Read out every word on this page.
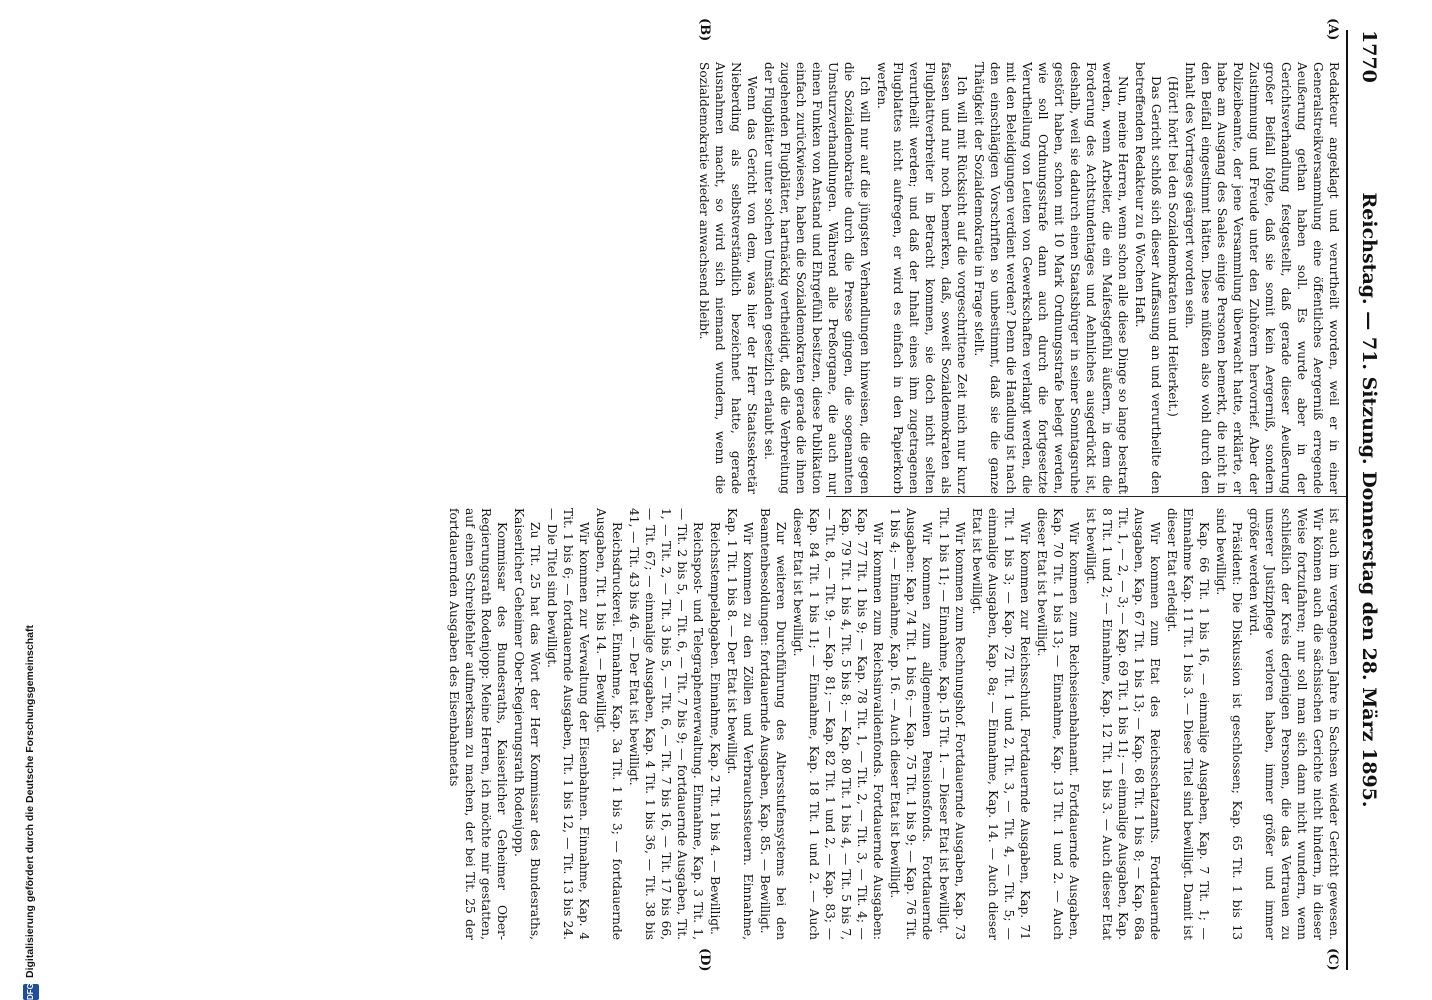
1770
Reichstag. — 71. Sitzung. Donnerstag den 28. März 1895.
(A)
(B)
(C)
(D)

Redakteur angeklagt und verurtheilt worden, weil er in einer Generalstreikversammlung eine öffentliches Aergerniß erregende Aeußerung gethan haben soll. Es wurde aber in der Gerichtsverhandlung festgestellt, daß gerade dieser Aeußerung großer Beifall folgte, daß sie somit kein Aergerniß, sondern Zustimmung und Freude unter den Zuhörern hervorrief. Aber der Polizeibeamte, der jene Versammlung überwacht hatte, erklärte, er habe am Ausgang des Saales einige Personen bemerkt, die nicht in den Beifall eingestimmt hätten. Diese müßten also wohl durch den Inhalt des Vortrages geärgert worden sein.

(Hört! hört! bei den Sozialdemokraten und Heiterkeit.)

Das Gericht schloß sich dieser Auffassung an und verurtheilte den betreffenden Redakteur zu 6 Wochen Haft.

Nun, meine Herren, wenn schon alle diese Dinge so lange bestraft werden, wenn Arbeiter, die ein Maifestgefühl äußern, in dem die Forderung des Achtstundentages und Aehnliches ausgedrückt ist, deshalb, weil sie dadurch einen Staatsbürger in seiner Sonntagsruhe gestört haben, schon mit 10 Mark Ordnungsstrafe belegt werden, wie soll Ordnungsstrafe dann auch durch die fortgesetzte Verurtheilung von Leuten von Gewerkschaften verlangt werden, die mit den Beleidigungen verdient werden? Denn die Handlung ist nach den einschlägigen Vorschriften so unbestimmt, daß sie die ganze Thätigkeit der Sozialdemokratie in Frage stellt.

Ich will mit Rücksicht auf die vorgeschrittene Zeit mich nur kurz fassen und nur noch bemerken, daß, soweit Sozialdemokraten als Flugblattverbreiter in Betracht kommen, sie doch nicht selten verurtheilt werden; und daß der Inhalt eines ihm zugetragenen Flugblattes nicht aufregen, er wird es einfach in den Papierkorb werfen.

Ich will nur auf die jüngsten Verhandlungen hinweisen, die gegen die Sozialdemokratie durch die Presse gingen, die sogenannten Umsturzverhandlungen. Während alle Preßorgane, die auch nur einen Funken von Anstand und Ehrgefühl besitzen, diese Publikation einfach zurückwiesen, haben die Sozialdemokraten gerade die ihnen zugehenden Flugblätter, hartnäckig vertheidigt, daß die Verbreitung der Flugblätter unter solchen Umständen gesetzlich erlaubt sei.

Wenn das Gericht von dem, was hier der Herr Staatssekretär Nieberding als selbstverständlich bezeichnet hatte, gerade Ausnahmen macht, so wird sich niemand wundern, wenn die Sozialdemokratie wieder anwachsend bleibt.

ist auch im vergangenen Jahre in Sachsen wieder Gericht gewesen. Wir können auch die sächsischen Gerichte nicht hindern, in dieser Weise fortzufahren; nur soll man sich dann nicht wundern, wenn schließlich der Kreis derjenigen Personen, die das Vertrauen zu unserer Justizpflege verloren haben, immer größer und immer größer werden wird.

Präsident: Die Diskussion ist geschlossen; Kap. 65 Tit. 1 bis 13 sind bewilligt.

Kap. 66 Tit. 1 bis 16, — einmalige Ausgaben, Kap. 7 Tit. 1; — Einnahme Kap. 11 Tit. 1 bis 3. — Diese Titel sind bewilligt. Damit ist dieser Etat erledigt.

Wir kommen zum Etat des Reichsschatzamts. Fortdauernde Ausgaben, Kap. 67 Tit. 1 bis 13; — Kap. 68 Tit. 1 bis 8; — Kap. 68a Tit. 1, — 2, — 3; — Kap. 69 Tit. 1 bis 11; — einmalige Ausgaben, Kap. 8 Tit. 1 und 2; — Einnahme, Kap. 12 Tit. 1 bis 3. — Auch dieser Etat ist bewilligt.

Wir kommen zum Reichseisenbahnamt. Fortdauernde Ausgaben, Kap. 70 Tit. 1 bis 13; — Einnahme, Kap. 13 Tit. 1 und 2. — Auch dieser Etat ist bewilligt.

Wir kommen zur Reichsschuld. Fortdauernde Ausgaben, Kap. 71 Tit. 1 bis 3; — Kap. 72 Tit. 1 und 2, Tit. 3, — Tit. 4, — Tit. 5; — einmalige Ausgaben, Kap. 8a; — Einnahme, Kap. 14. — Auch dieser Etat ist bewilligt.

Wir kommen zum Rechnungshof. Fortdauernde Ausgaben, Kap. 73 Tit. 1 bis 11; — Einnahme, Kap. 15 Tit. 1. — Dieser Etat ist bewilligt.

Wir kommen zum allgemeinen Pensionsfonds. Fortdauernde Ausgaben: Kap. 74 Tit. 1 bis 6; — Kap. 75 Tit. 1 bis 9; — Kap. 76 Tit. 1 bis 4; — Einnahme, Kap. 16. — Auch dieser Etat ist bewilligt.

Wir kommen zum Reichsinvalidenfonds. Fortdauernde Ausgaben: Kap. 77 Tit. 1 bis 9; — Kap. 78 Tit. 1, — Tit. 2, — Tit. 3, — Tit. 4; — Kap. 79 Tit. 1 bis 4, Tit. 5 bis 8; — Kap. 80 Tit. 1 bis 4, — Tit. 5 bis 7, — Tit. 8, — Tit. 9; — Kap. 81; — Kap. 82 Tit. 1 und 2, — Kap. 83; — Kap. 84 Tit. 1 bis 11; — Einnahme, Kap. 18 Tit. 1 und 2. — Auch dieser Etat ist bewilligt.

Zur weiteren Durchführung des Altersstufensystems bei den Beamtenbesoldungen: fortdauernde Ausgaben, Kap. 85. — Bewilligt.

Wir kommen zu den Zöllen und Verbrauchssteuern. Einnahme, Kap. 1 Tit. 1 bis 8. — Der Etat ist bewilligt.

Reichsstempelabgaben. Einnahme, Kap. 2 Tit. 1 bis 4. — Bewilligt.

Reichspost- und Telegraphenverwaltung. Einnahme, Kap. 3 Tit. 1, — Tit. 2 bis 5, — Tit. 6, — Tit. 7 bis 9; — fortdauernde Ausgaben, Tit. 1, — Tit. 2, — Tit. 3 bis 5, — Tit. 6, — Tit. 7 bis 16, — Tit. 17 bis 66, — Tit. 67; — einmalige Ausgaben, Kap. 4 Tit. 1 bis 36, — Tit. 38 bis 41, — Tit. 43 bis 46. — Der Etat ist bewilligt.

Reichsdruckerei. Einnahme, Kap. 3a Tit. 1 bis 3; — fortdauernde Ausgaben, Tit. 1 bis 14. — Bewilligt.

Wir kommen zur Verwaltung der Eisenbahnen. Einnahme, Kap. 4 Tit. 1 bis 6; — fortdauernde Ausgaben, Tit. 1 bis 12, — Tit. 13 bis 24. — Die Titel sind bewilligt.

Zu Tit. 25 hat das Wort der Herr Kommissar des Bundesraths, Kaiserlicher Geheimer Ober-Regierungsrath Rodenjopp.

Kommissar des Bundesraths, Kaiserlicher Geheimer Ober-Regierungsrath Rodenjopp: Meine Herren, ich möchte mir gestatten, auf einen Schreibfehler aufmerksam zu machen, der bei Tit. 25 der fortdauernden Ausgaben des Eisenbahnetats

DFG
Digitalisierung gefördert durch die Deutsche Forschungsgemeinschaft
